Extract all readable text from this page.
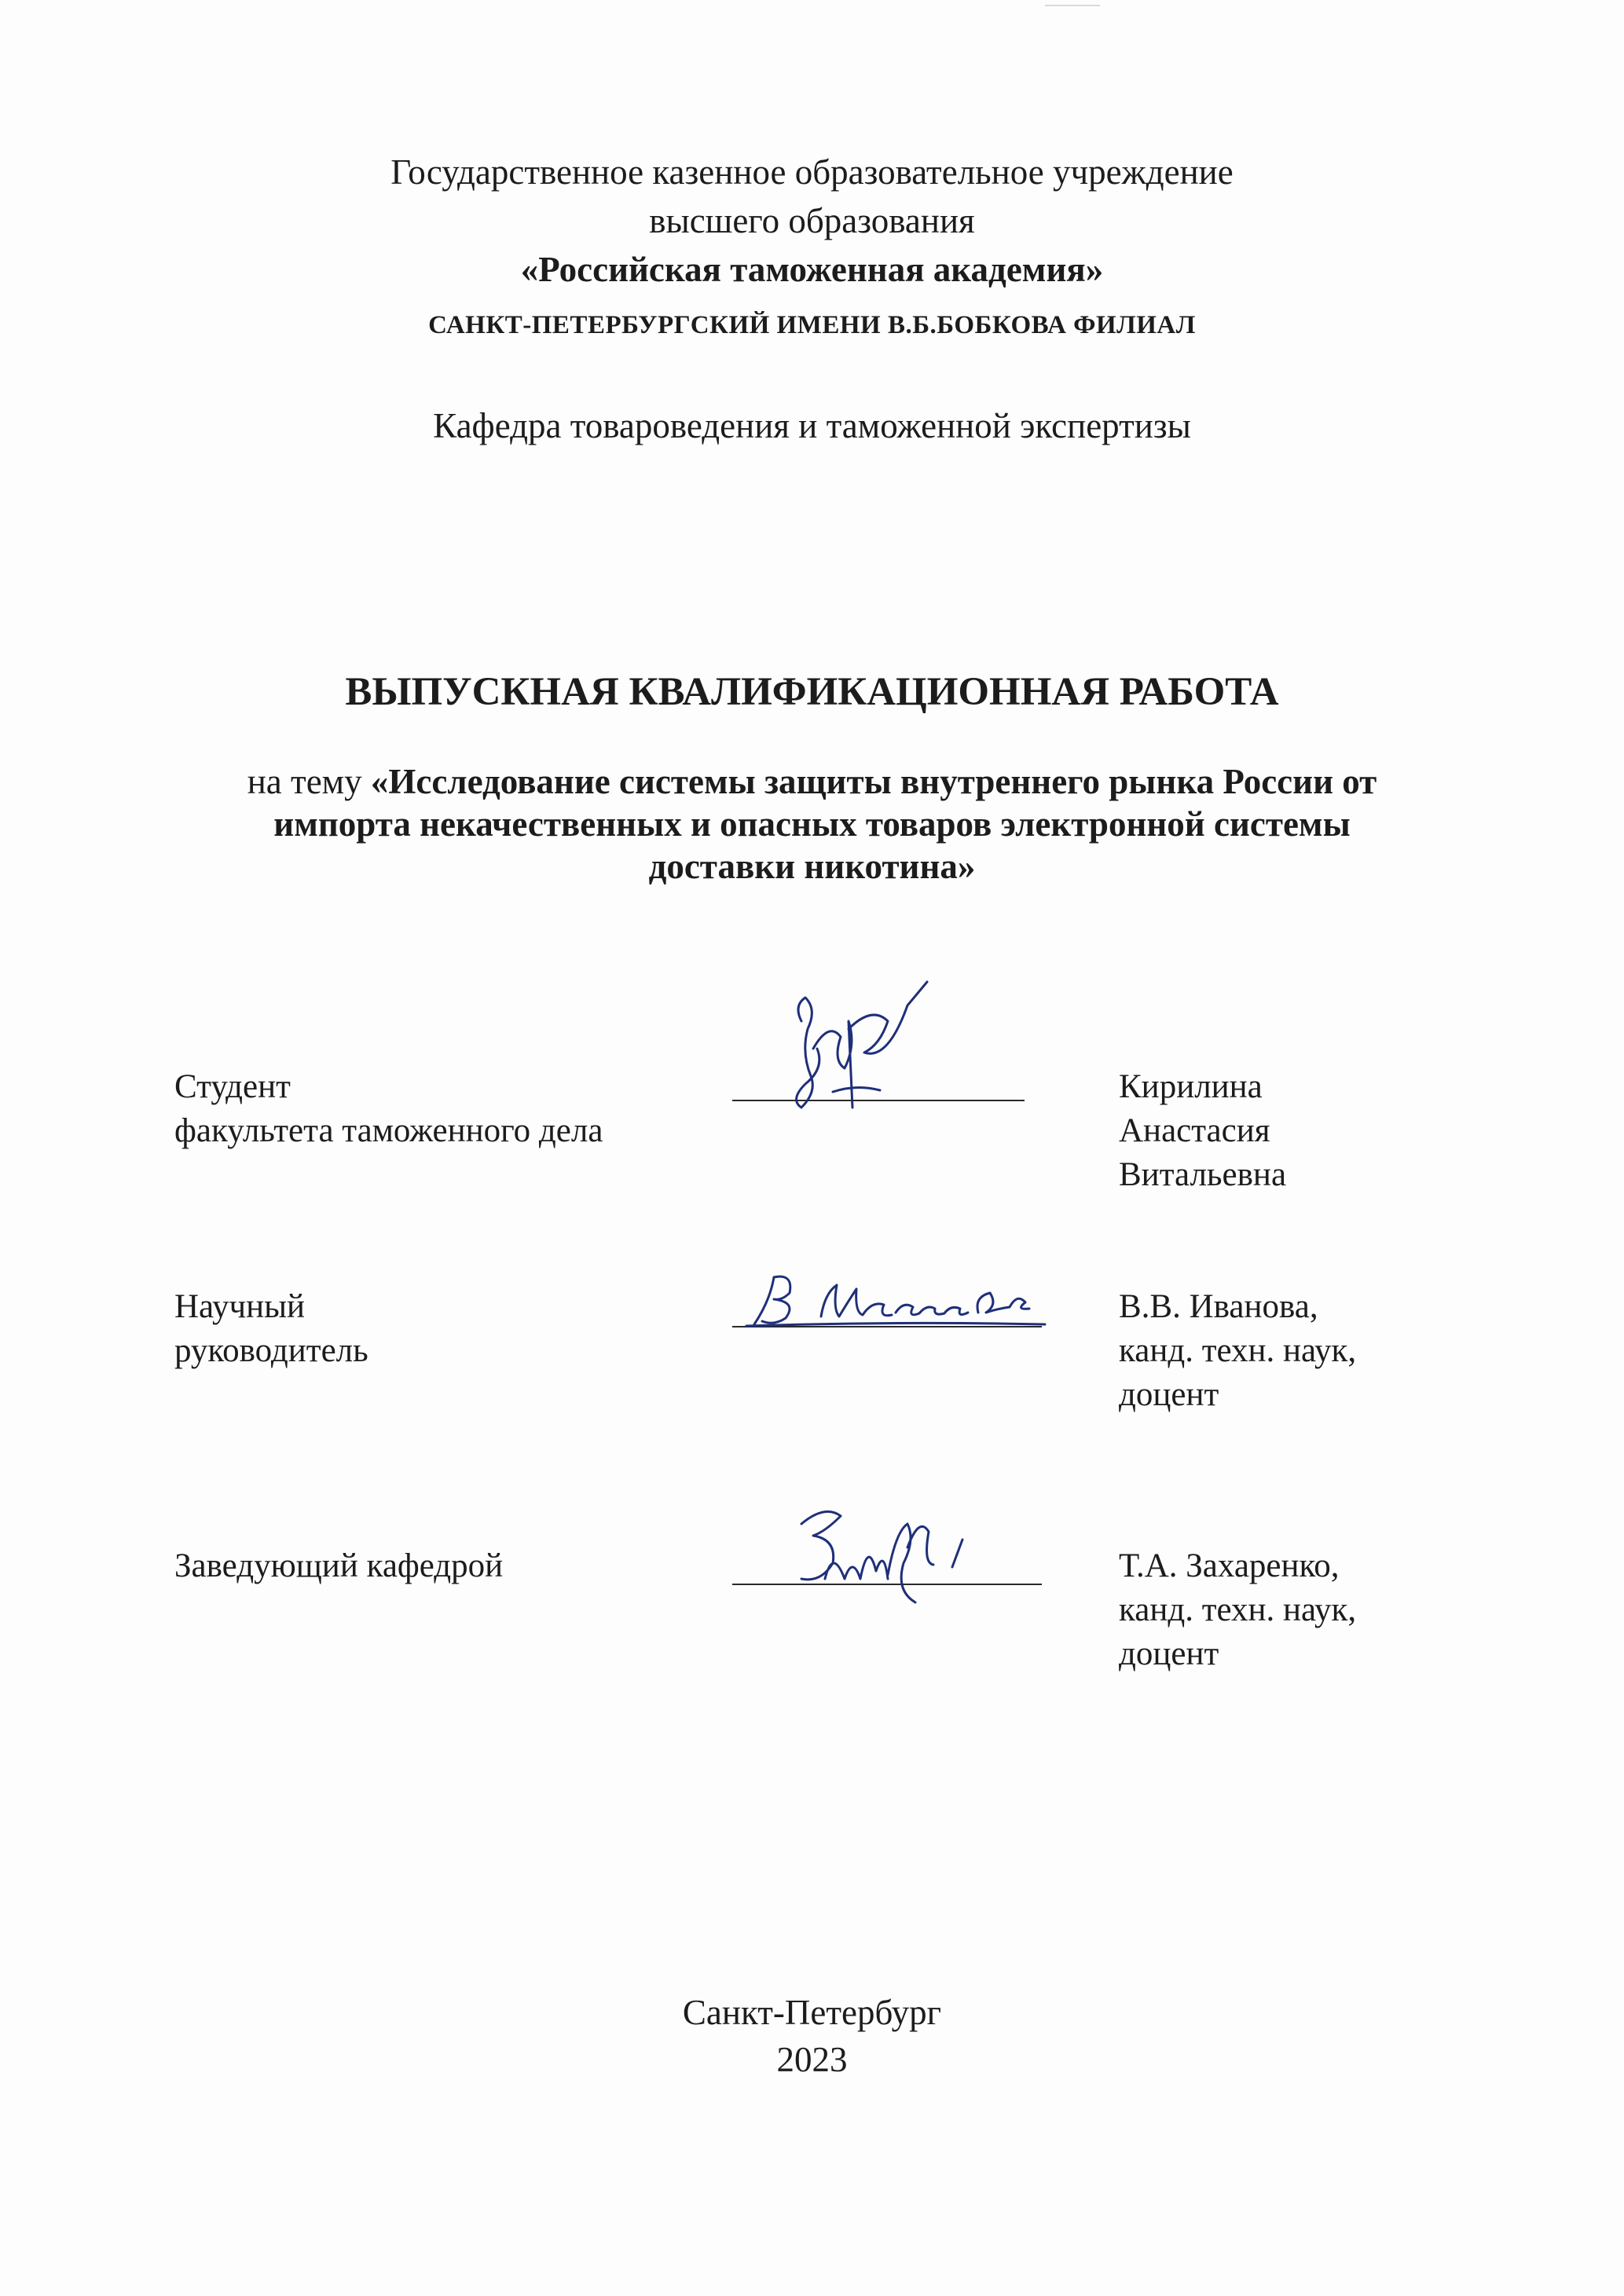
Государственное казенное образовательное учреждение
высшего образования
«Российская таможенная академия»
САНКТ-ПЕТЕРБУРГСКИЙ ИМЕНИ В.Б.БОБКОВА ФИЛИАЛ
Кафедра товароведения и таможенной экспертизы
ВЫПУСКНАЯ КВАЛИФИКАЦИОННАЯ РАБОТА
на тему «Исследование системы защиты внутреннего рынка России от
импорта некачественных и опасных товаров электронной системы
доставки никотина»
Студент
факультета таможенного дела
Кирилина
Анастасия
Витальевна
Научный
руководитель
В.В. Иванова,
канд. техн. наук,
доцент
Заведующий кафедрой	Т.А. Захаренко,
канд. техн. наук,
доцент
Санкт-Петербург
2023
